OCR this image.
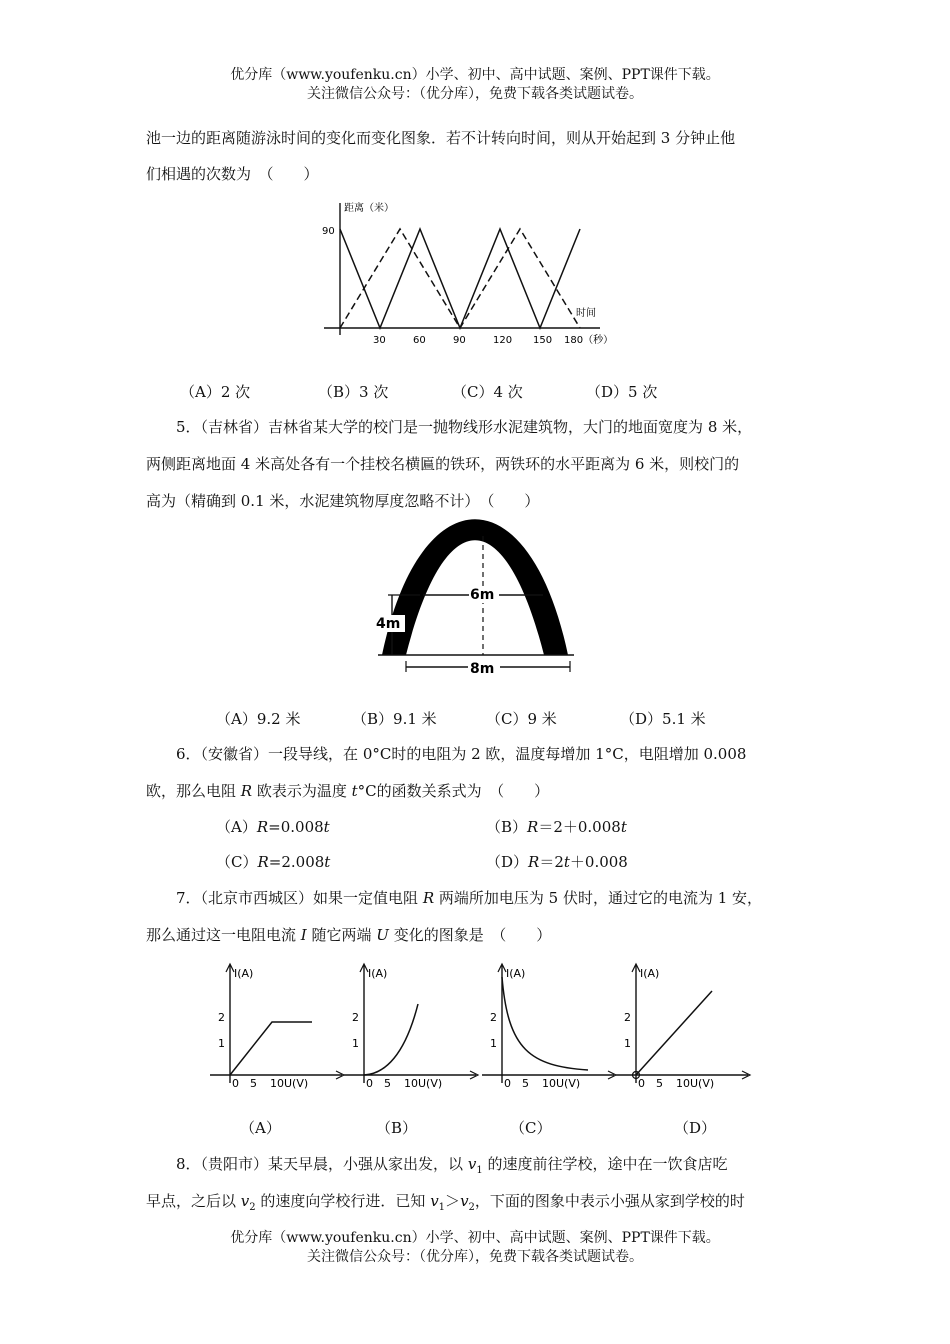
优分库（www.youfenku.cn）小学、初中、高中试题、案例、PPT课件下载。
关注微信公众号：（优分库），免费下载各类试题试卷。
池一边的距离随游泳时间的变化而变化图象．若不计转向时间，则从开始起到 3 分钟止他
们相遇的次数为　（　　）
距离（米）
90
时间
180（秒）
30	60	90	120 150
（A）2 次	（B）3 次	（C）4 次	（D）5 次
5．（吉林省）吉林省某大学的校门是一抛物线形水泥建筑物，大门的地面宽度为 8 米，
两侧距离地面 4 米高处各有一个挂校名横匾的铁环，两铁环的水平距离为 6 米，则校门的
高为（精确到 0.1 米，水泥建筑物厚度忽略不计）　（　　）
6m
8m
4m
（A）9.2 米	（B）9.1 米	（C）9 米	（D）5.1 米
6．（安徽省）一段导线，在 0°C时的电阻为 2 欧，温度每增加 1°C，电阻增加 0.008
欧，那么电阻 R 欧表示为温度 t°C的函数关系式为　（　　）
（A）R=0.008t	（B）R＝2＋0.008t
（C）R=2.008t	（D）R＝2t＋0.008
7．（北京市西城区）如果一定值电阻 R 两端所加电压为 5 伏时，通过它的电流为 1 安，
那么通过这一电阻电流 I 随它两端 U 变化的图象是　（　　）
I(A)
U(V)
1
2
0 5 10
I(A)
U(V)
1
2
0 5 10
I(A)
U(V)
1
2
0 5 10
I(A)
U(V)
1
2
0 5 10
（A）	（B）	（C）	（D）
8．（贵阳市）某天早晨，小强从家出发，以 $v_1$ 的速度前往学校，途中在一饮食店吃
早点，之后以 $v_2$ 的速度向学校行进．已知 $v_1>v_2$，下面的图象中表示小强从家到学校的时
优分库（www.youfenku.cn）小学、初中、高中试题、案例、PPT课件下载。
关注微信公众号：（优分库），免费下载各类试题试卷。
